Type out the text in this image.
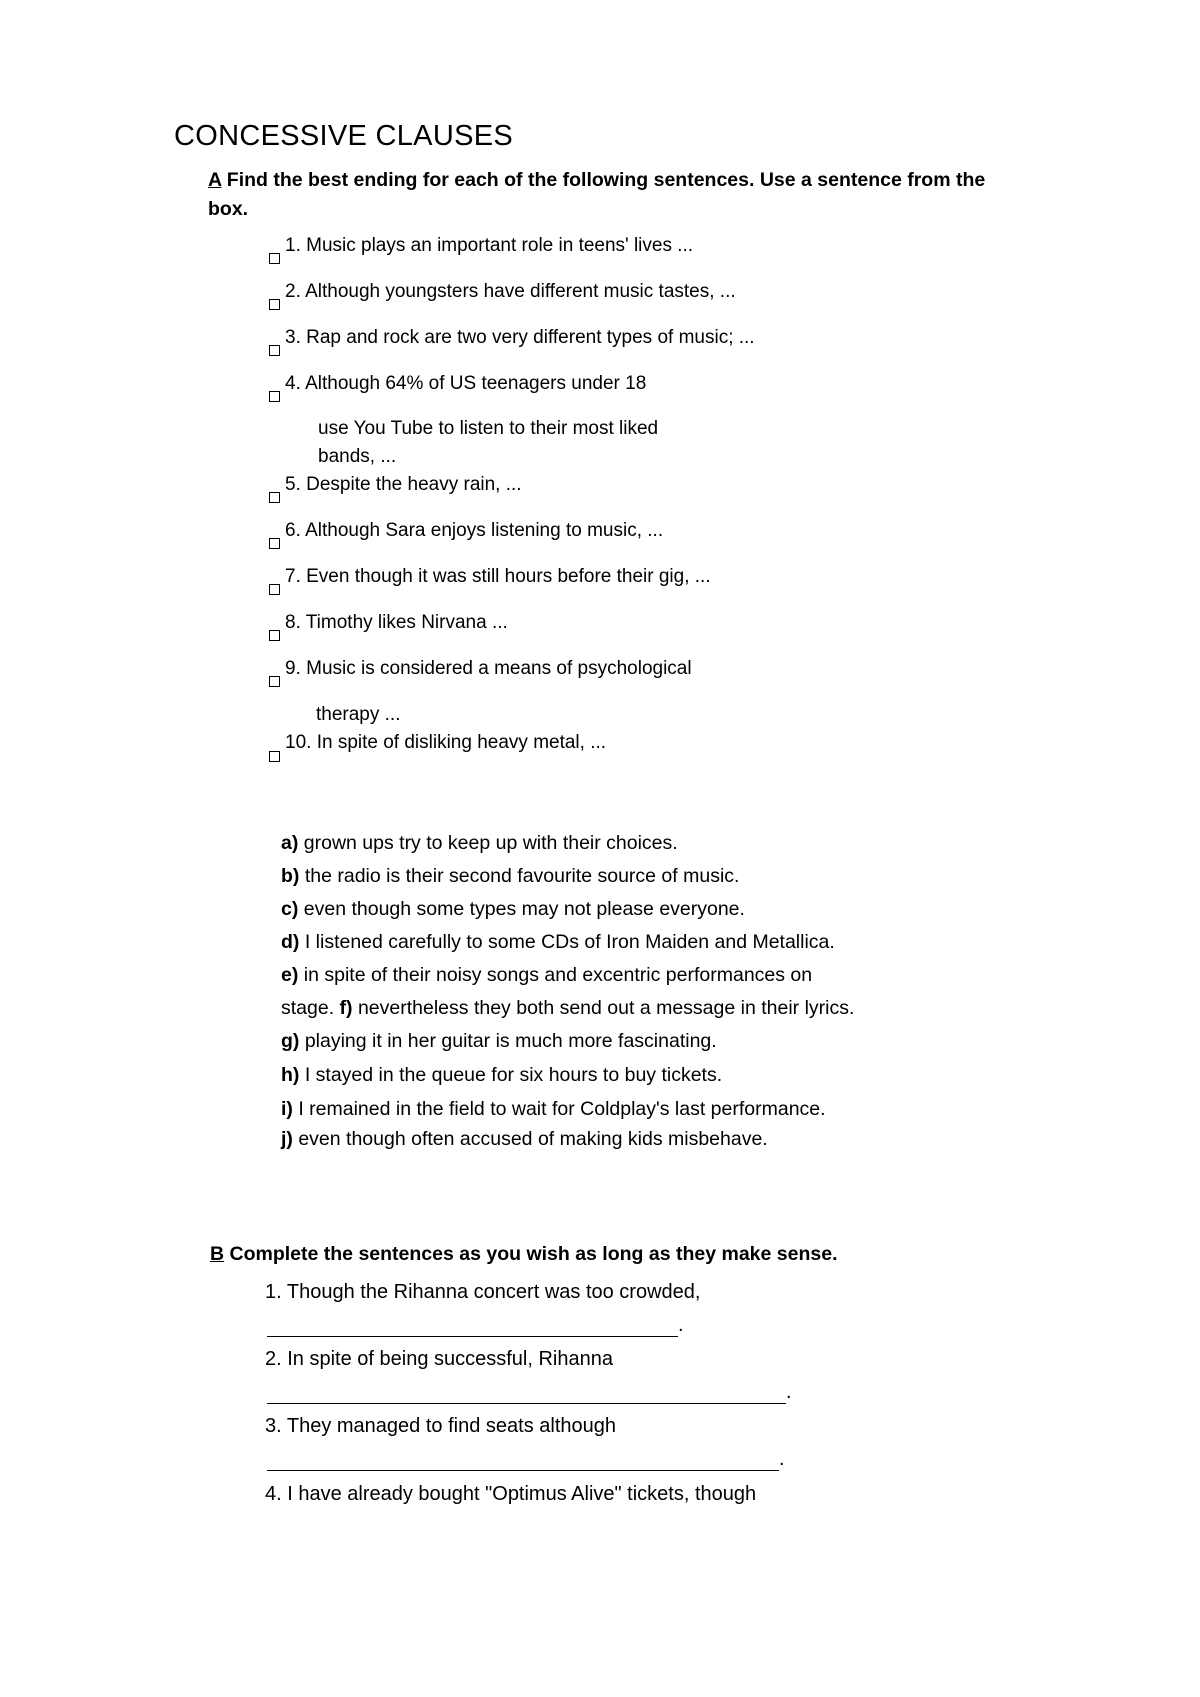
CONCESSIVE CLAUSES
A Find the best ending for each of the following sentences. Use a sentence from the box.
1. Music plays an important role in teens' lives ...
2. Although youngsters have different music tastes, ...
3. Rap and rock are two very different types of music; ...
4. Although 64% of US teenagers under 18
use You Tube to listen to their most liked
bands, ...
5. Despite the heavy rain, ...
6. Although Sara enjoys listening to music, ...
7. Even though it was still hours before their gig, ...
8. Timothy likes Nirvana ...
9. Music is considered a means of psychological
therapy ...
10. In spite of disliking heavy metal, ...
a) grown ups try to keep up with their choices.
b) the radio is their second favourite source of music.
c) even though some types may not please everyone.
d) I listened carefully to some CDs of Iron Maiden and Metallica.
e) in spite of their noisy songs and excentric performances on
stage. f) nevertheless they both send out a message in their lyrics.
g) playing it in her guitar is much more fascinating.
h) I stayed in the queue for six hours to buy tickets.
i) I remained in the field to wait for Coldplay's last performance.
j) even though often accused of making kids misbehave.
B Complete the sentences as you wish as long as they make sense.
1. Though the Rihanna concert was too crowded,
.
2. In spite of being successful, Rihanna
.
3. They managed to find seats although
.
4. I have already bought "Optimus Alive" tickets, though
